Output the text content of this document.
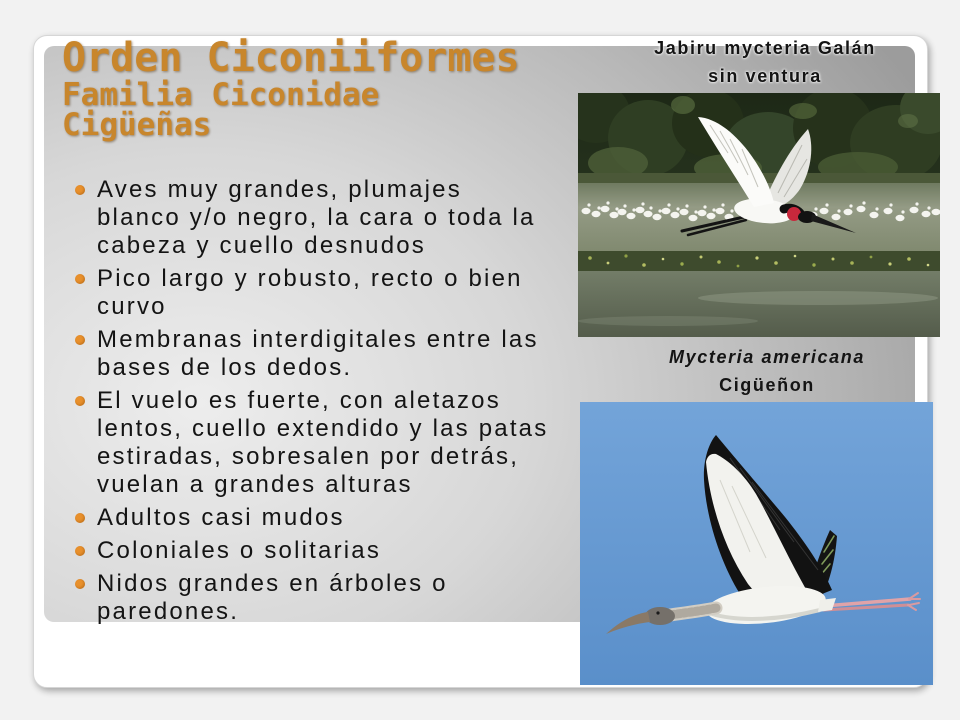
Orden Ciconiiformes
Familia Ciconidae
Cigüeñas
Aves muy grandes, plumajes
blanco y/o negro, la cara o toda la
cabeza y cuello desnudos
Pico largo y robusto, recto o bien
curvo
Membranas interdigitales entre las
bases de los dedos.
El vuelo es fuerte, con aletazos
lentos, cuello extendido y las patas
estiradas, sobresalen por detrás,
vuelan a grandes alturas
Adultos casi mudos
Coloniales o solitarias
Nidos grandes en árboles o
paredones.
Jabiru mycteria Galán
sin ventura
Mycteria americana
Cigüeñon
